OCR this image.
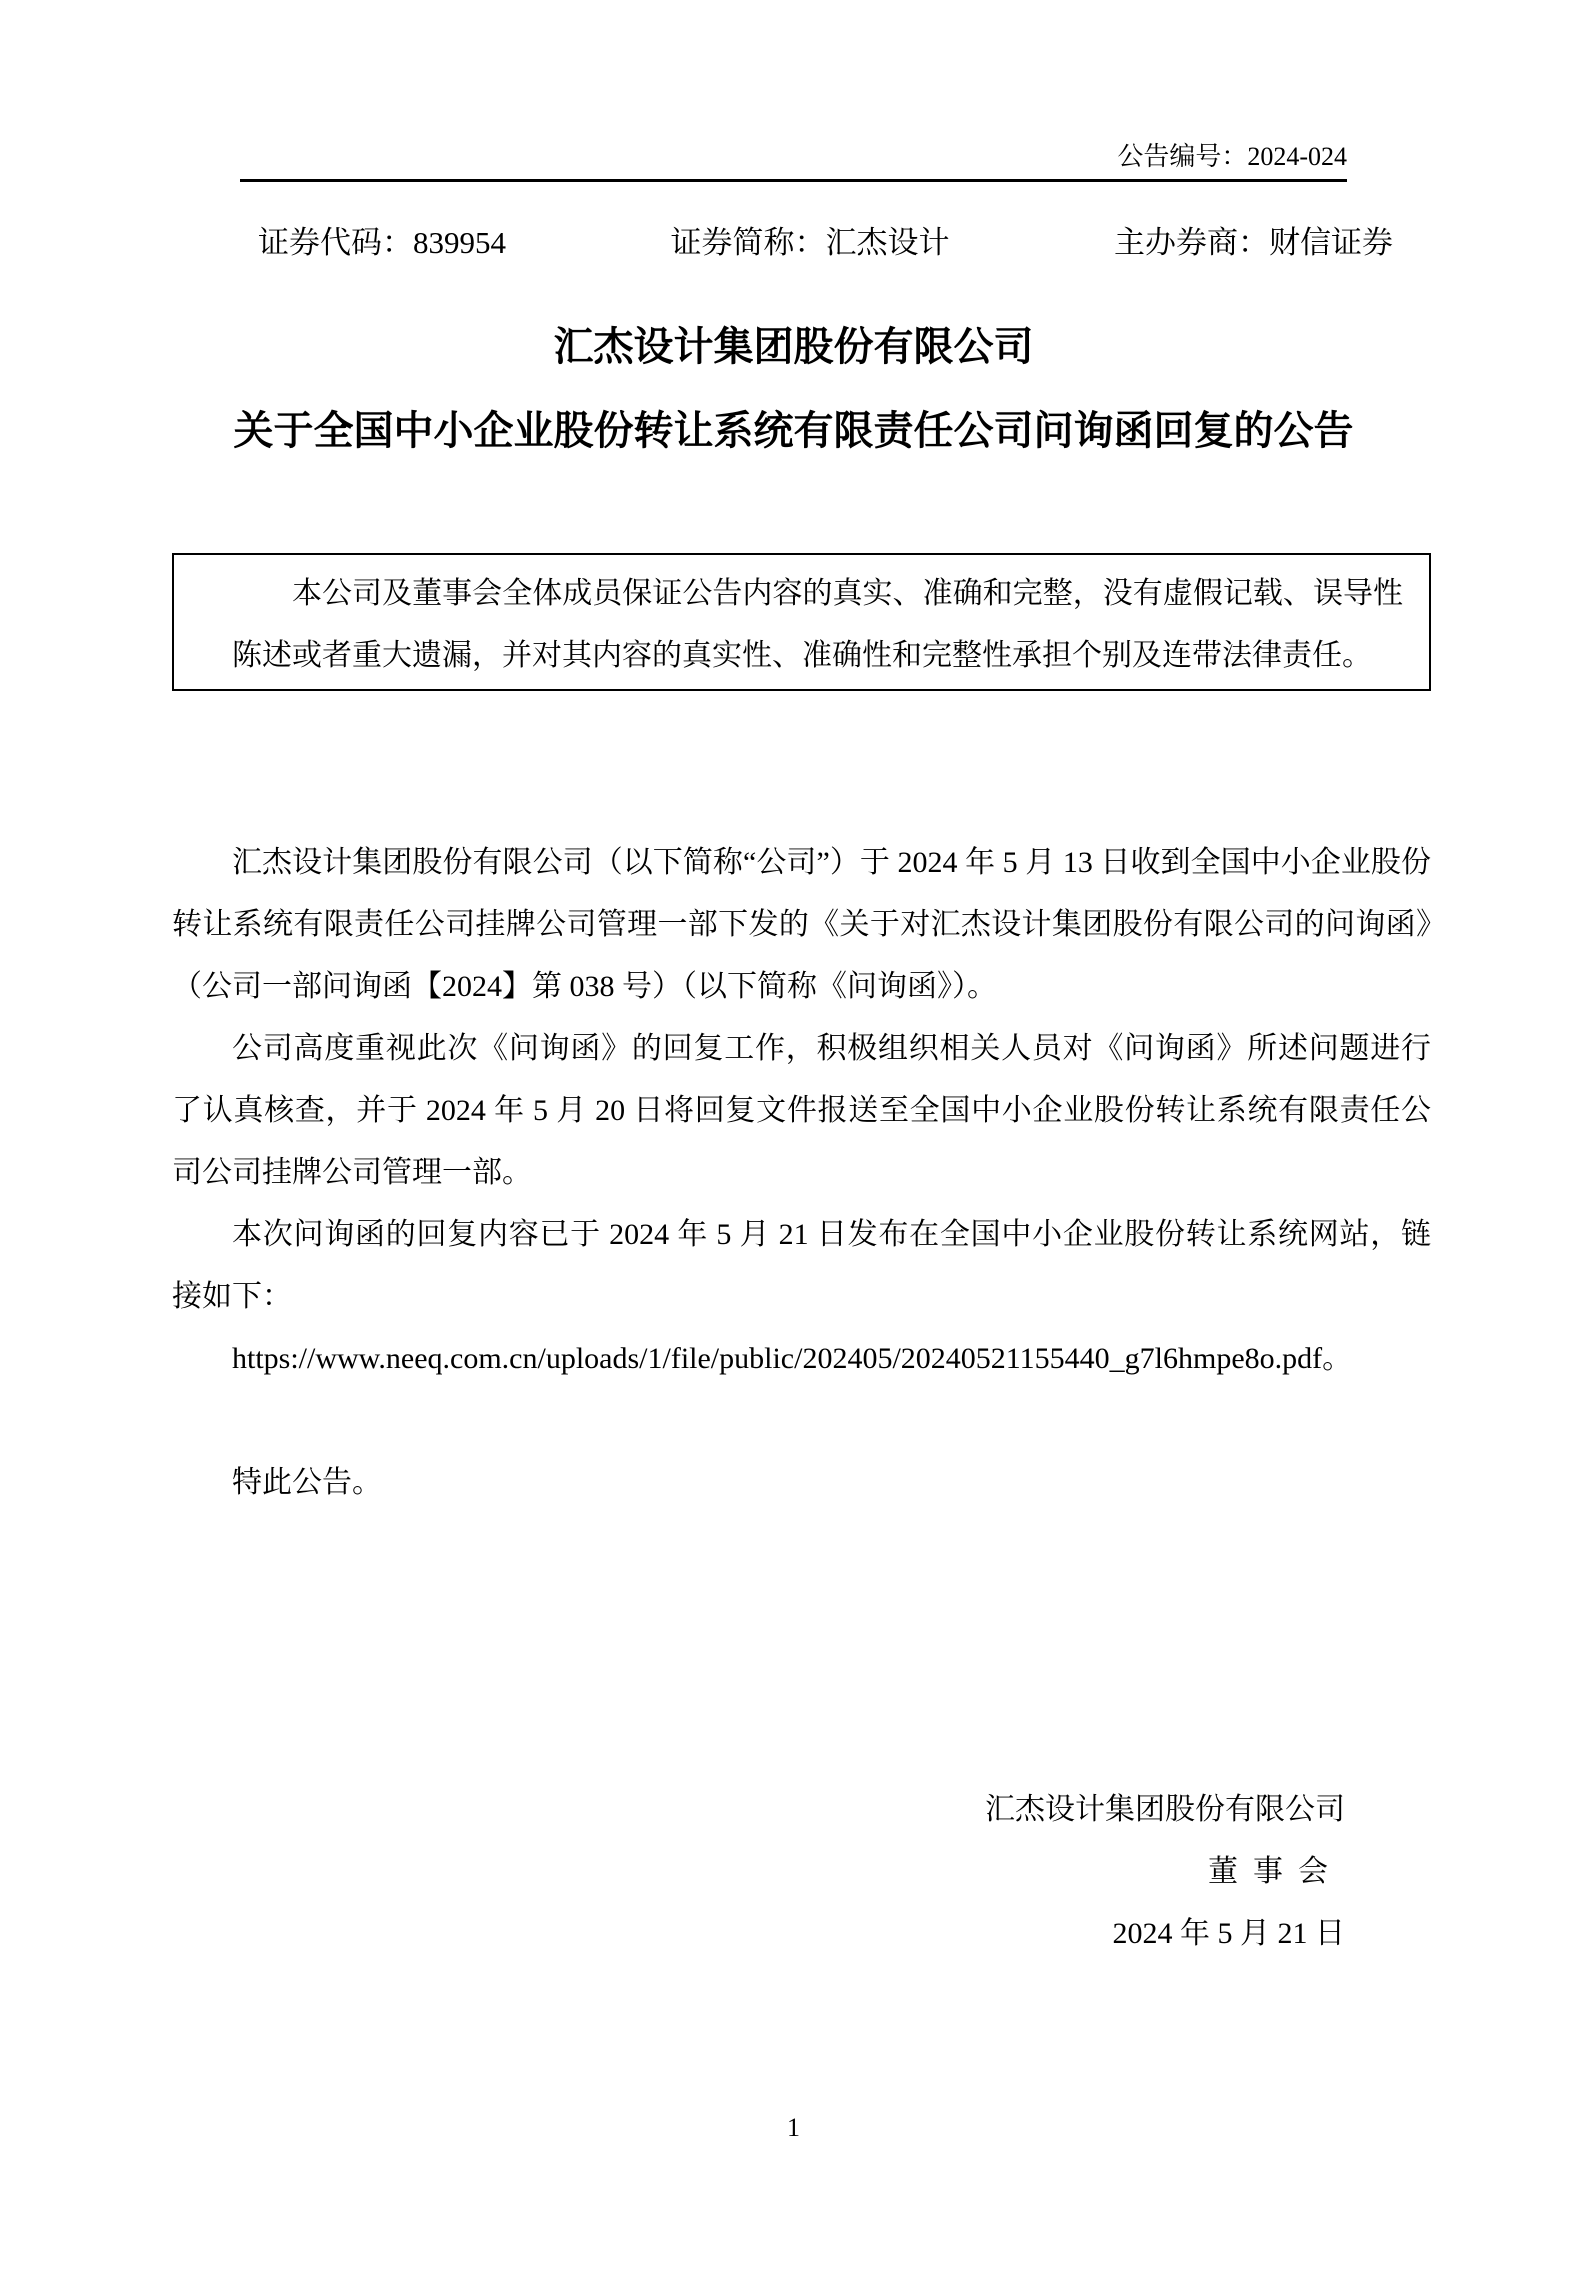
公告编号：2024-024
证券代码：839954	证券简称：汇杰设计	主办券商：财信证券
汇杰设计集团股份有限公司
关于全国中小企业股份转让系统有限责任公司问询函回复的公告
本公司及董事会全体成员保证公告内容的真实、准确和完整，没有虚假记载、误导性陈述或者重大遗漏，并对其内容的真实性、准确性和完整性承担个别及连带法律责任。

汇杰设计集团股份有限公司（以下简称“公司”）于 2024 年 5 月 13 日收到全国中小企业股份转让系统有限责任公司挂牌公司管理一部下发的《关于对汇杰设计集团股份有限公司的问询函》（公司一部问询函【2024】第 038 号）（以下简称《问询函》）。

公司高度重视此次《问询函》的回复工作，积极组织相关人员对《问询函》所述问题进行了认真核查，并于 2024 年 5 月 20 日将回复文件报送至全国中小企业股份转让系统有限责任公司公司挂牌公司管理一部。

本次问询函的回复内容已于 2024 年 5 月 21 日发布在全国中小企业股份转让系统网站，链接如下：

https://www.neeq.com.cn/uploads/1/file/public/202405/20240521155440_g7l6hmpe8o.pdf。

特此公告。

汇杰设计集团股份有限公司
董  事  会
2024 年 5 月 21 日
1
